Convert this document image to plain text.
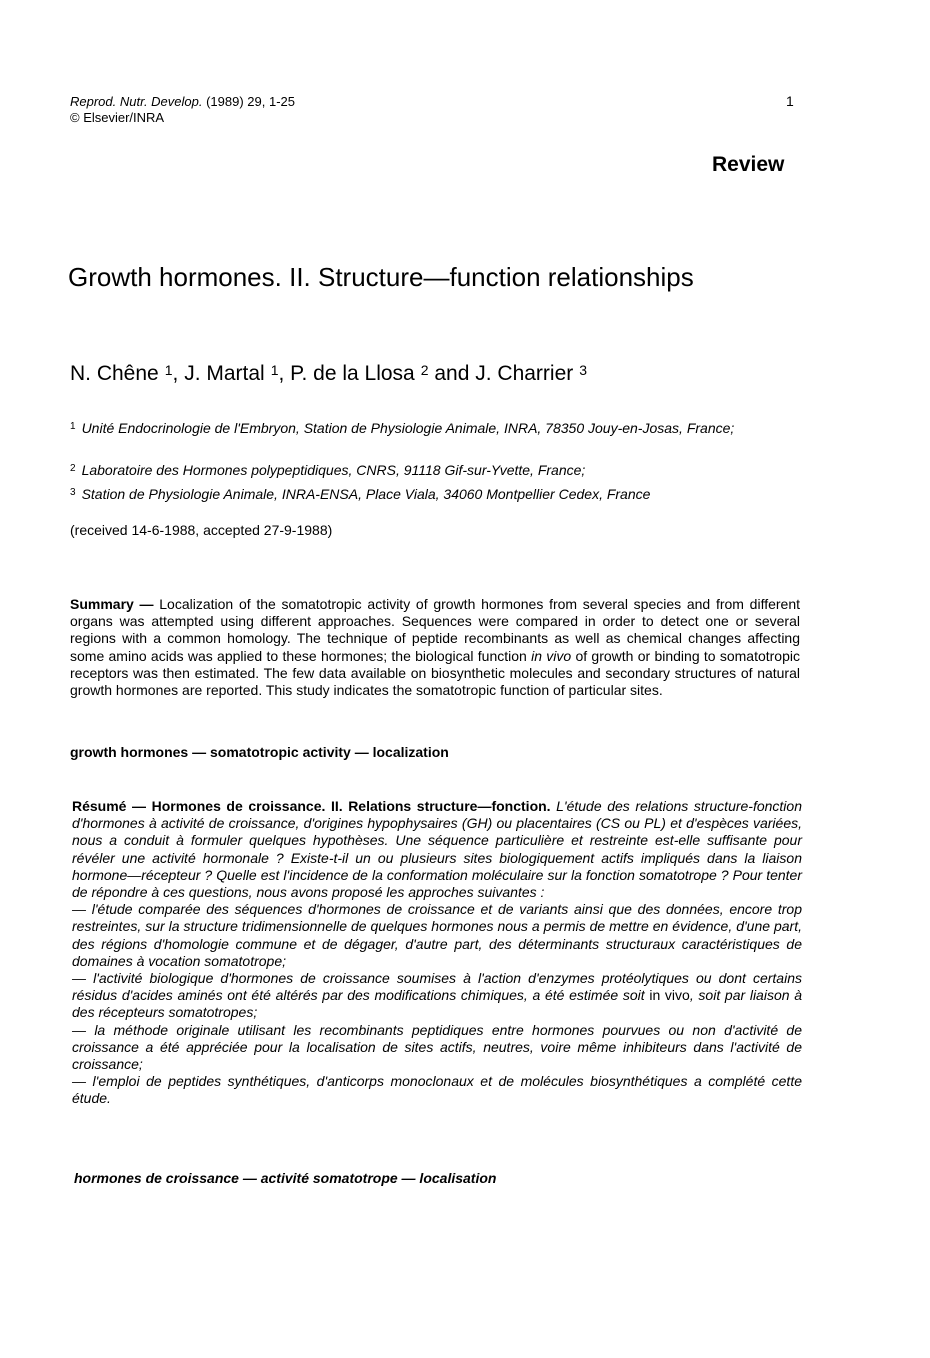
Reprod. Nutr. Develop. (1989) 29, 1-25
© Elsevier/INRA
1
Review
Growth hormones. II. Structure—function relationships
N. Chêne $^1$, J. Martal $^1$, P. de la Llosa $^2$ and J. Charrier $^3$
$^1$ Unité Endocrinologie de l'Embryon, Station de Physiologie Animale, INRA, 78350 Jouy-en-Josas, France;
$^2$ Laboratoire des Hormones polypeptidiques, CNRS, 91118 Gif-sur-Yvette, France;
$^3$ Station de Physiologie Animale, INRA-ENSA, Place Viala, 34060 Montpellier Cedex, France
(received 14-6-1988, accepted 27-9-1988)
Summary — Localization of the somatotropic activity of growth hormones from several species and from different organs was attempted using different approaches. Sequences were compared in order to detect one or several regions with a common homology. The technique of peptide recombinants as well as chemical changes affecting some amino acids was applied to these hormones; the biological function in vivo of growth or binding to somatotropic receptors was then estimated. The few data available on biosynthetic molecules and secondary structures of natural growth hormones are reported. This study indicates the somatotropic function of particular sites.
growth hormones — somatotropic activity — localization

Résumé — Hormones de croissance. II. Relations structure—fonction. L'étude des relations structure-fonction d'hormones à activité de croissance, d'origines hypophysaires (GH) ou placentaires (CS ou PL) et d'espèces variées, nous a conduit à formuler quelques hypothèses. Une séquence particulière et restreinte est-elle suffisante pour révéler une activité hormonale ? Existe-t-il un ou plusieurs sites biologiquement actifs impliqués dans la liaison hormone—récepteur ? Quelle est l'incidence de la conformation moléculaire sur la fonction somatotrope ? Pour tenter de répondre à ces questions, nous avons proposé les approches suivantes :

— l'étude comparée des séquences d'hormones de croissance et de variants ainsi que des données, encore trop restreintes, sur la structure tridimensionnelle de quelques hormones nous a permis de mettre en évidence, d'une part, des régions d'homologie commune et de dégager, d'autre part, des déterminants structuraux caractéristiques de domaines à vocation somatotrope;

— l'activité biologique d'hormones de croissance soumises à l'action d'enzymes protéolytiques ou dont certains résidus d'acides aminés ont été altérés par des modifications chimiques, a été estimée soit in vivo, soit par liaison à des récepteurs somatotropes;

— la méthode originale utilisant les recombinants peptidiques entre hormones pourvues ou non d'activité de croissance a été appréciée pour la localisation de sites actifs, neutres, voire même inhibiteurs dans l'activité de croissance;

— l'emploi de peptides synthétiques, d'anticorps monoclonaux et de molécules biosynthétiques a complété cette étude.

hormones de croissance — activité somatotrope — localisation
